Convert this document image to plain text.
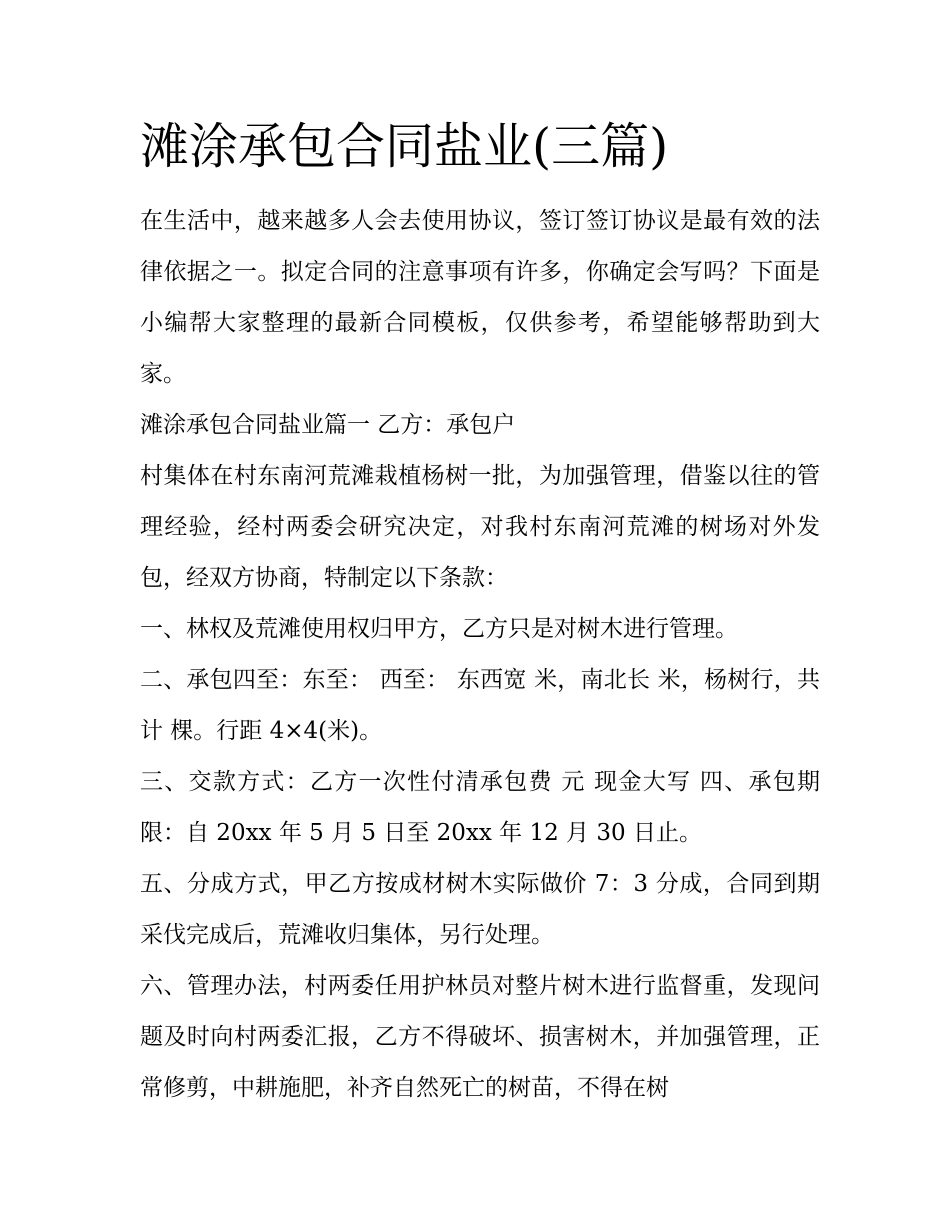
滩涂承包合同盐业(三篇)

在生活中，越来越多人会去使用协议，签订签订协议是最有效的法律依据之一。拟定合同的注意事项有许多，你确定会写吗？下面是小编帮大家整理的最新合同模板，仅供参考，希望能够帮助到大家。

滩涂承包合同盐业篇一 乙方：承包户

村集体在村东南河荒滩栽植杨树一批，为加强管理，借鉴以往的管理经验，经村两委会研究决定，对我村东南河荒滩的树场对外发包，经双方协商，特制定以下条款：

一、林权及荒滩使用权归甲方，乙方只是对树木进行管理。

二、承包四至：东至： 西至： 东西宽 米，南北长 米，杨树行，共计 棵。行距 4×4(米)。

三、交款方式：乙方一次性付清承包费 元 现金大写 四、承包期限：自 20xx 年 5 月 5 日至 20xx 年 12 月 30 日止。

五、分成方式，甲乙方按成材树木实际做价 7：3 分成，合同到期采伐完成后，荒滩收归集体，另行处理。

六、管理办法，村两委任用护林员对整片树木进行监督重，发现问题及时向村两委汇报，乙方不得破坏、损害树木，并加强管理，正常修剪，中耕施肥，补齐自然死亡的树苗，不得在树
